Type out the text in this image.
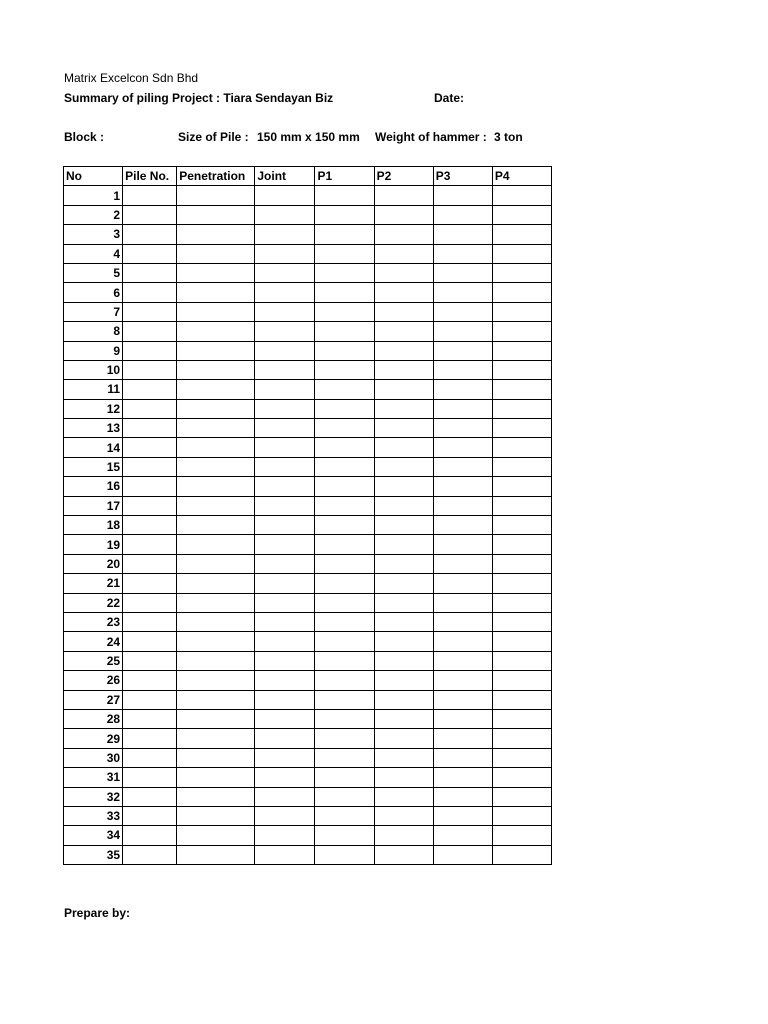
Matrix Excelcon Sdn Bhd
Summary of piling Project : Tiara Sendayan Biz	Date:
Block :	Size of Pile : 150 mm x 150 mm Weight of hammer : 3 ton
No	Pile No.	Penetration	Joint	P1	P2	P3	P4
1							
2							
3							
4							
5							
6							
7							
8							
9							
10							
11							
12							
13							
14							
15							
16							
17							
18							
19							
20							
21							
22							
23							
24							
25							
26							
27							
28							
29							
30							
31							
32							
33							
34							
35							
Prepare by:
